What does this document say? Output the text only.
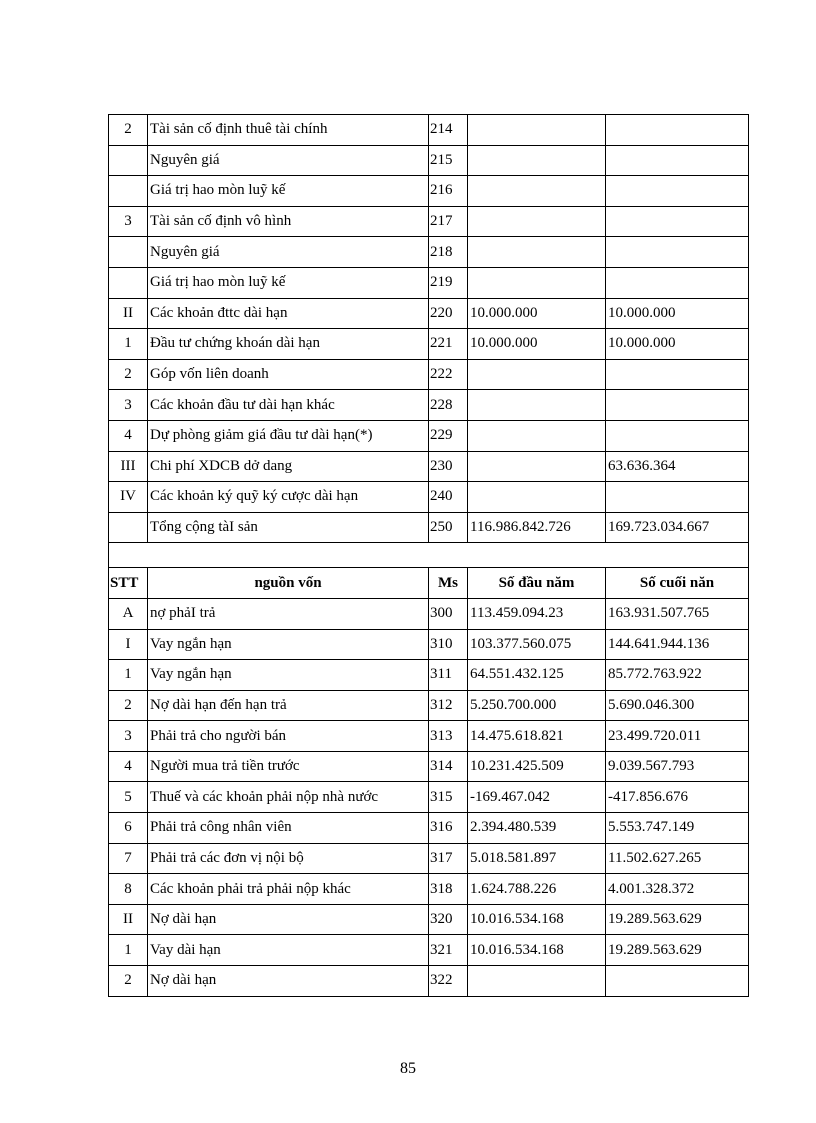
2	Tài sản cố định thuê tài chính	214		
	Nguyên giá	215		
	Giá trị hao mòn luỹ kế	216		
3	Tài sản cố định vô hình	217		
	Nguyên giá	218		
	Giá trị hao mòn luỹ kế	219		
II	Các khoản đttc dài hạn	220	10.000.000	10.000.000
1	Đầu tư chứng khoán dài hạn	221	10.000.000	10.000.000
2	Góp vốn liên doanh	222		
3	Các khoản đầu tư dài hạn khác	228		
4	Dự phòng giảm giá đầu tư dài hạn(*)	229		
III	Chi phí XDCB dở dang	230		63.636.364
IV	Các khoản ký quỹ ký cược dài hạn	240		
	Tổng cộng tàI sản	250	116.986.842.726	169.723.034.667

STT	nguồn vốn	Ms	Số đầu năm	Số cuối năn
A	nợ phảI trả	300	113.459.094.23	163.931.507.765
I	Vay ngắn hạn	310	103.377.560.075	144.641.944.136
1	Vay ngắn hạn	311	64.551.432.125	85.772.763.922
2	Nợ dài hạn đến hạn trả	312	5.250.700.000	5.690.046.300
3	Phải trả cho người bán	313	14.475.618.821	23.499.720.011
4	Người mua trả tiền trước	314	10.231.425.509	9.039.567.793
5	Thuế và các khoản phải nộp nhà nước	315	-169.467.042	-417.856.676
6	Phải trả công nhân viên	316	2.394.480.539	5.553.747.149
7	Phải trả các đơn vị nội bộ	317	5.018.581.897	11.502.627.265
8	Các khoản phải trả phải nộp khác	318	1.624.788.226	4.001.328.372
II	Nợ dài hạn	320	10.016.534.168	19.289.563.629
1	Vay dài hạn	321	10.016.534.168	19.289.563.629
2	Nợ dài hạn	322		
85
